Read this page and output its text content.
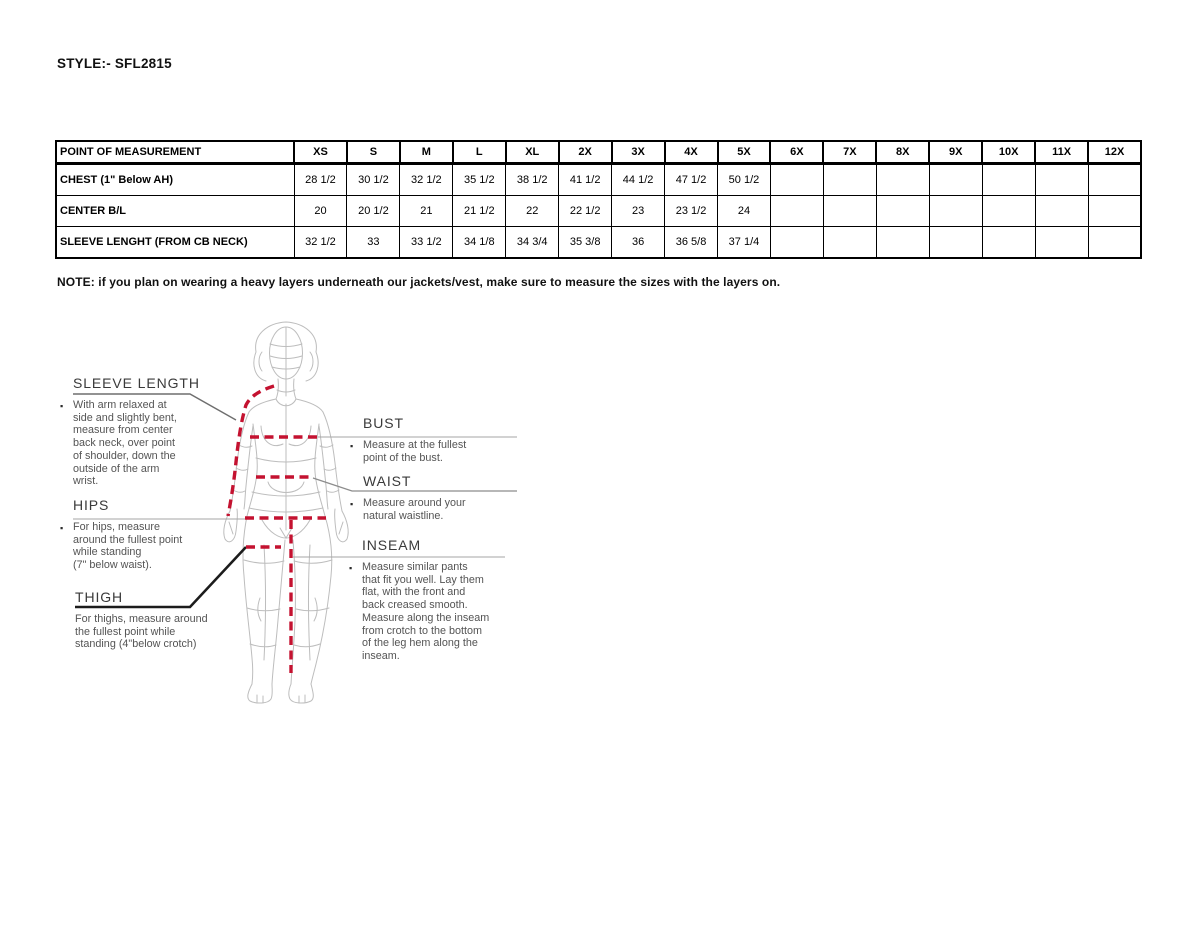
STYLE:- SFL2815
POINT OF MEASUREMENT	XS	S	M	L	XL	2X	3X	4X	5X	6X	7X	8X	9X	10X	11X	12X
CHEST (1" Below AH)	28 1/2	30 1/2	32 1/2	35 1/2	38 1/2	41 1/2	44 1/2	47 1/2	50 1/2							
CENTER B/L	20	20 1/2	21	21 1/2	22	22 1/2	23	23 1/2	24							
SLEEVE LENGHT (FROM CB NECK)	32 1/2	33	33 1/2	34 1/8	34 3/4	35 3/8	36	36 5/8	37 1/4							
NOTE: if you plan on wearing a heavy layers underneath our jackets/vest, make sure to measure the sizes with the layers on.
SLEEVE LENGTH
▪ With arm relaxed at
side and slightly bent,
measure from center
back neck, over point
of shoulder, down the
outside of the arm
wrist.
HIPS
▪ For hips, measure
around the fullest point
while standing
(7" below waist).
THIGH
For thighs, measure around
the fullest point while
standing (4"below crotch)
BUST
▪ Measure at the fullest
point of the bust.
WAIST
▪ Measure around your
natural waistline.
INSEAM
▪ Measure similar pants
that fit you well. Lay them
flat, with the front and
back creased smooth.
Measure along the inseam
from crotch to the bottom
of the leg hem along the
inseam.
